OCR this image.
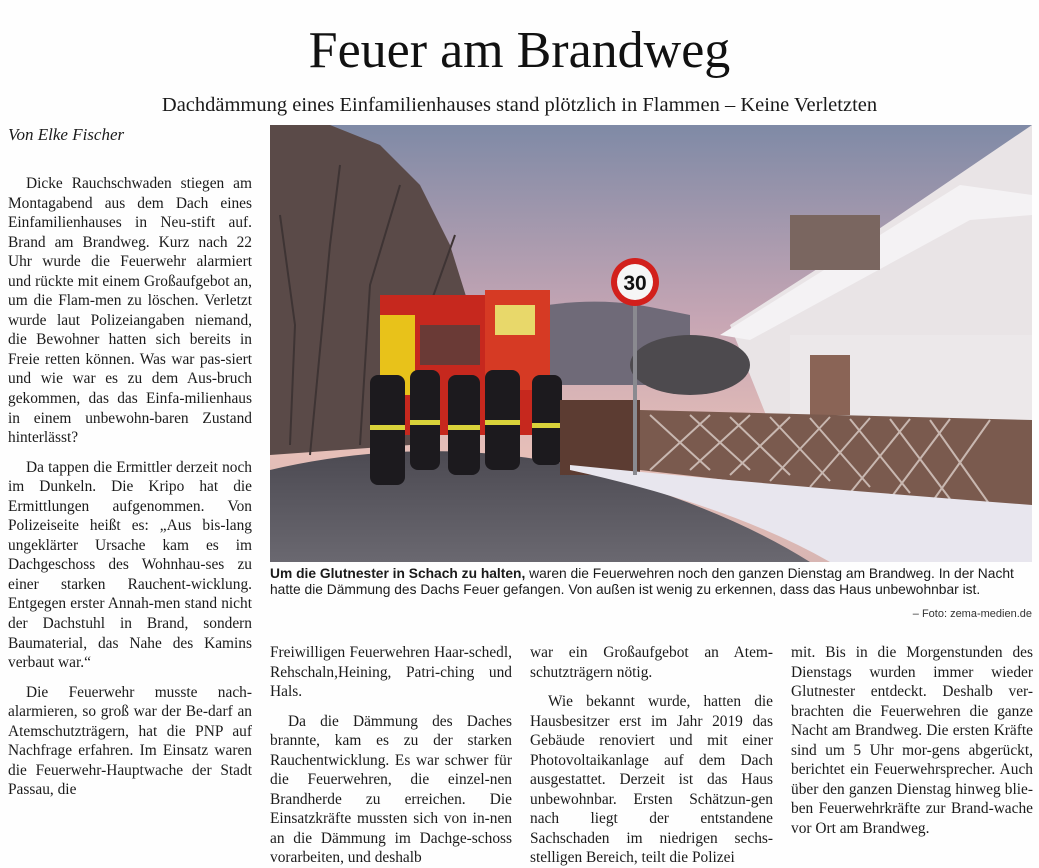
Feuer am Brandweg
Dachdämmung eines Einfamilienhauses stand plötzlich in Flammen – Keine Verletzten
Von Elke Fischer

Dicke Rauchschwaden stiegen am Montagabend aus dem Dach eines Einfamilienhauses in Neu-stift auf. Brand am Brandweg. Kurz nach 22 Uhr wurde die Feuerwehr alarmiert und rückte mit einem Großaufgebot an, um die Flam-men zu löschen. Verletzt wurde laut Polizeiangaben niemand, die Bewohner hatten sich bereits in Freie retten können. Was war pas-siert und wie war es zu dem Aus-bruch gekommen, das das Einfa-milienhaus in einem unbewohn-baren Zustand hinterlässt?

Da tappen die Ermittler derzeit noch im Dunkeln. Die Kripo hat die Ermittlungen aufgenommen. Von Polizeiseite heißt es: „Aus bis-lang ungeklärter Ursache kam es im Dachgeschoss des Wohnhau-ses zu einer starken Rauchent-wicklung. Entgegen erster Annah-men stand nicht der Dachstuhl in Brand, sondern Baumaterial, das Nahe des Kamins verbaut war.“

Die Feuerwehr musste nach-alarmieren, so groß war der Be-darf an Atemschutzträgern, hat die PNP auf Nachfrage erfahren. Im Einsatz waren die Feuerwehr-Hauptwache der Stadt Passau, die

30
Um die Glutnester in Schach zu halten, waren die Feuerwehren noch den ganzen Dienstag am Brandweg. In der Nacht hatte die Dämmung des Dachs Feuer gefangen. Von außen ist wenig zu erkennen, dass das Haus unbewohnbar ist.
– Foto: zema-medien.de

Freiwilligen Feuerwehren Haar-schedl, Rehschaln,Heining, Patri-ching und Hals.

Da die Dämmung des Daches brannte, kam es zu der starken Rauchentwicklung. Es war schwer für die Feuerwehren, die einzel-nen Brandherde zu erreichen. Die Einsatzkräfte mussten sich von in-nen an die Dämmung im Dachge-schoss vorarbeiten, und deshalb

war ein Großaufgebot an Atem-schutzträgern nötig.

Wie bekannt wurde, hatten die Hausbesitzer erst im Jahr 2019 das Gebäude renoviert und mit einer Photovoltaikanlage auf dem Dach ausgestattet. Derzeit ist das Haus unbewohnbar. Ersten Schätzun-gen nach liegt der entstandene Sachschaden im niedrigen sechs-stelligen Bereich, teilt die Polizei

mit. Bis in die Morgenstunden des Dienstags wurden immer wieder Glutnester entdeckt. Deshalb ver-brachten die Feuerwehren die ganze Nacht am Brandweg. Die ersten Kräfte sind um 5 Uhr mor-gens abgerückt, berichtet ein Feuerwehrsprecher. Auch über den ganzen Dienstag hinweg blie-ben Feuerwehrkräfte zur Brand-wache vor Ort am Brandweg.
